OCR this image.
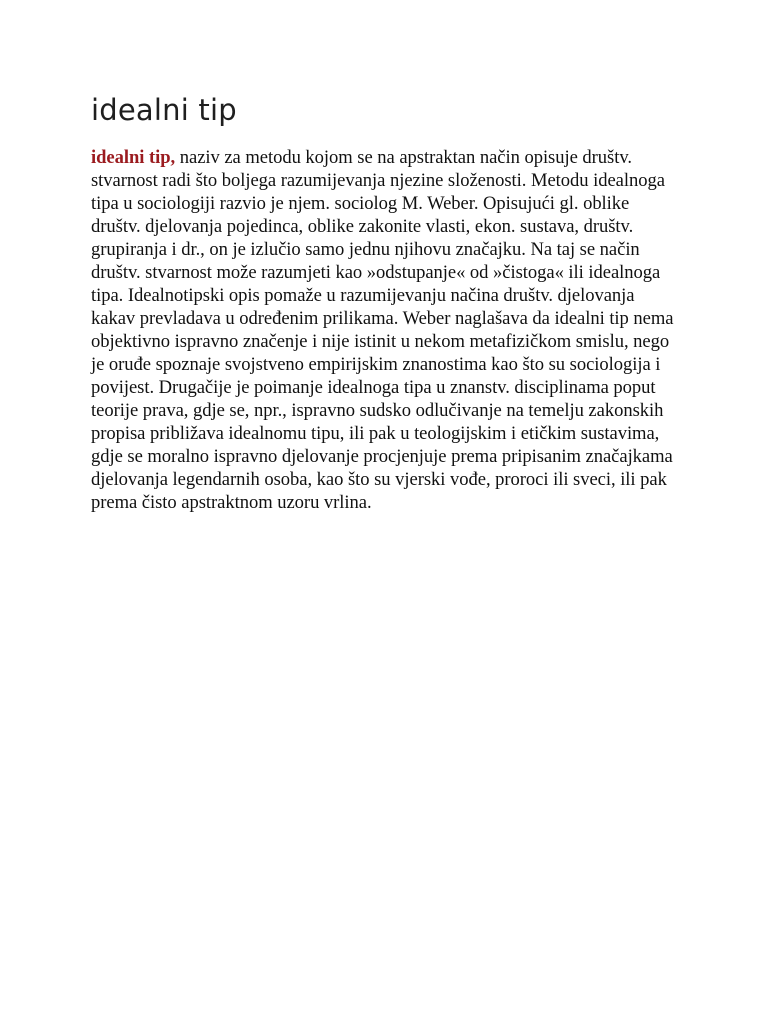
idealni tip

idealni tip, naziv za metodu kojom se na apstraktan način opisuje društv. stvarnost radi što boljega razumijevanja njezine složenosti. Metodu idealnoga tipa u sociologiji razvio je njem. sociolog M. Weber. Opisujući gl. oblike društv. djelovanja pojedinca, oblike zakonite vlasti, ekon. sustava, društv. grupiranja i dr., on je izlučio samo jednu njihovu značajku. Na taj se način društv. stvarnost može razumjeti kao »odstupanje« od »čistoga« ili idealnoga tipa. Idealnotipski opis pomaže u razumijevanju načina društv. djelovanja kakav prevladava u određenim prilikama. Weber naglašava da idealni tip nema objektivno ispravno značenje i nije istinit u nekom metafizičkom smislu, nego je oruđe spoznaje svojstveno empirijskim znanostima kao što su sociologija i povijest. Drugačije je poimanje idealnoga tipa u znanstv. disciplinama poput teorije prava, gdje se, npr., ispravno sudsko odlučivanje na temelju zakonskih propisa približava idealnomu tipu, ili pak u teologijskim i etičkim sustavima, gdje se moralno ispravno djelovanje procjenjuje prema pripisanim značajkama djelovanja legendarnih osoba, kao što su vjerski vođe, proroci ili sveci, ili pak prema čisto apstraktnom uzoru vrlina.
